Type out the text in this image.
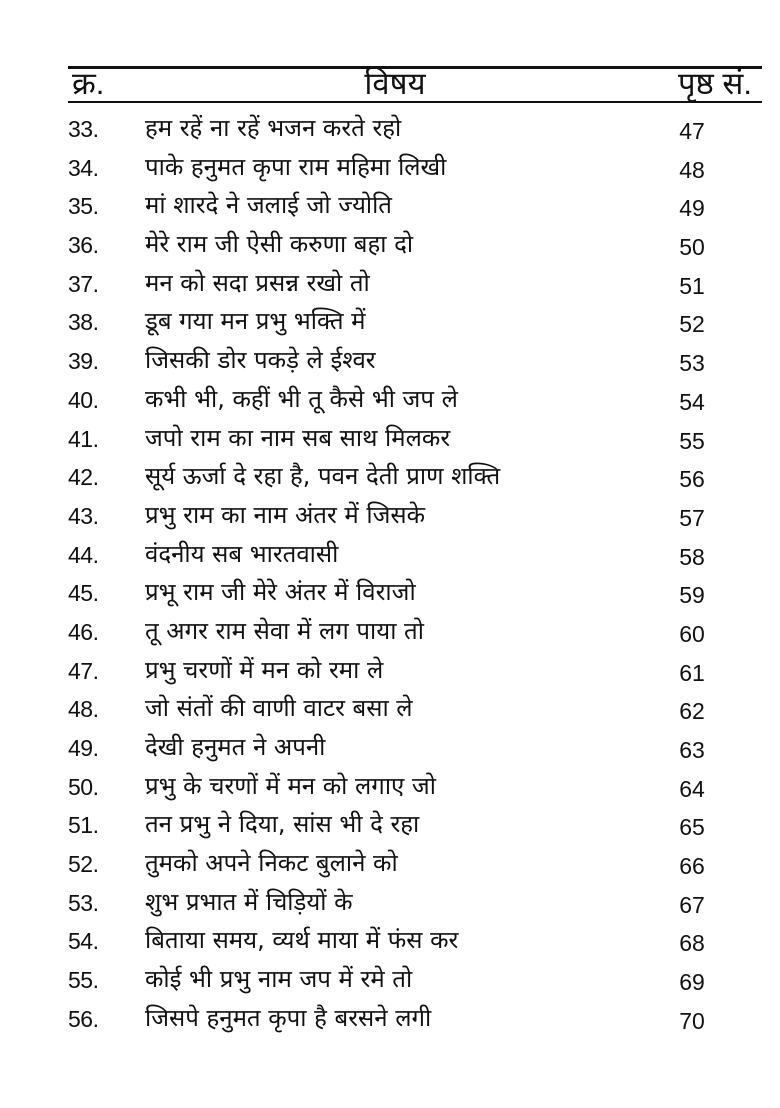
क्र.	विषय	पृष्ठ सं.
33. हम रहें ना रहें भजन करते रहो	47
34. पाके हनुमत कृपा राम महिमा लिखी	48
35. मां शारदे ने जलाई जो ज्योति	49
36. मेरे राम जी ऐसी करुणा बहा दो	50
37. मन को सदा प्रसन्न रखो तो	51
38. डूब गया मन प्रभु भक्ति में	52
39. जिसकी डोर पकड़े ले ईश्वर	53
40. कभी भी, कहीं भी तू कैसे भी जप ले	54
41. जपो राम का नाम सब साथ मिलकर	55
42. सूर्य ऊर्जा दे रहा है, पवन देती प्राण शक्ति	56
43. प्रभु राम का नाम अंतर में जिसके	57
44. वंदनीय सब भारतवासी	58
45. प्रभू राम जी मेरे अंतर में विराजो	59
46. तू अगर राम सेवा में लग पाया तो	60
47. प्रभु चरणों में मन को रमा ले	61
48. जो संतों की वाणी वाटर बसा ले	62
49. देखी हनुमत ने अपनी	63
50. प्रभु के चरणों में मन को लगाए जो	64
51. तन प्रभु ने दिया, सांस भी दे रहा	65
52. तुमको अपने निकट बुलाने को	66
53. शुभ प्रभात में चिड़ियों के	67
54. बिताया समय, व्यर्थ माया में फंस कर	68
55. कोई भी प्रभु नाम जप में रमे तो	69
56. जिसपे हनुमत कृपा है बरसने लगी	70
